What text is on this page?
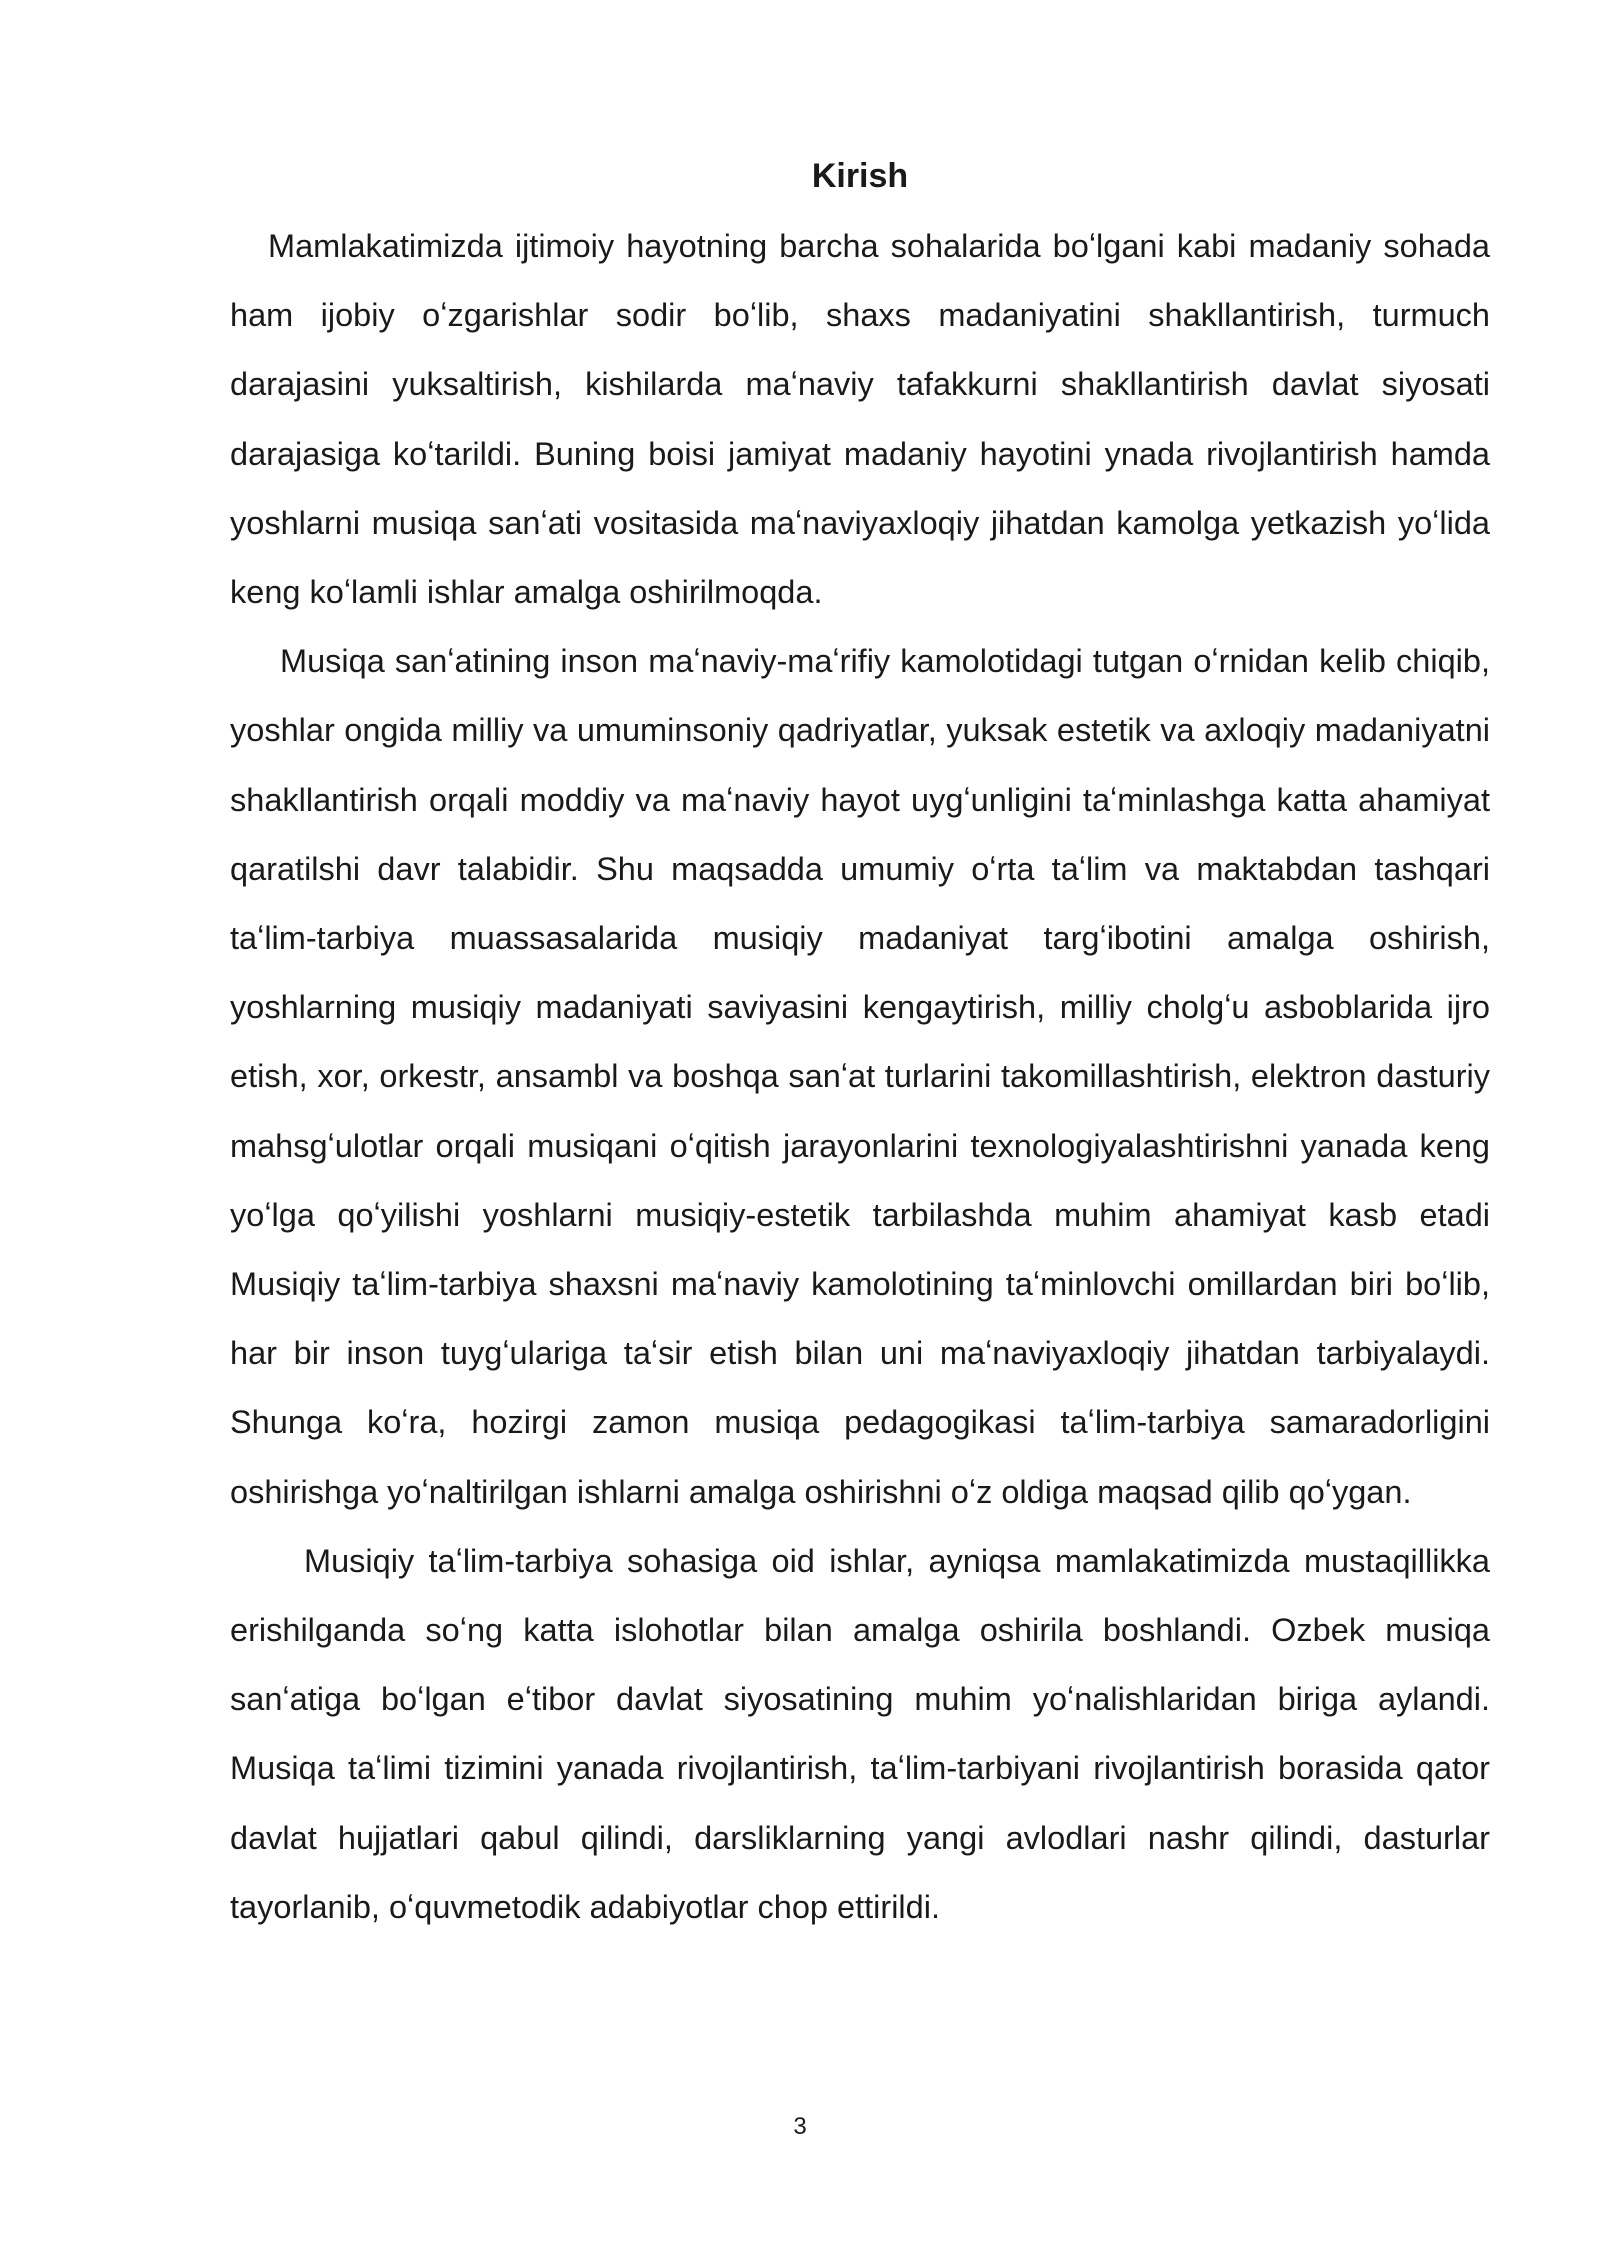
Kirish

Mamlakatimizda ijtimoiy hayotning barcha sohalarida boʻlgani kabi madaniy sohada ham ijobiy oʻzgarishlar sodir boʻlib, shaxs madaniyatini shakllantirish, turmuch darajasini yuksaltirish, kishilarda maʻnaviy tafakkurni shakllantirish davlat siyosati darajasiga koʻtarildi. Buning boisi jamiyat madaniy hayotini ynada rivojlantirish hamda yoshlarni musiqa sanʻati vositasida maʻnaviyaxloqiy jihatdan kamolga yetkazish yoʻlida keng koʻlamli ishlar amalga oshirilmoqda.

Musiqa sanʻatining inson maʻnaviy-maʻrifiy kamolotidagi tutgan oʻrnidan kelib chiqib, yoshlar ongida milliy va umuminsoniy qadriyatlar, yuksak estetik va axloqiy madaniyatni shakllantirish orqali moddiy va maʻnaviy hayot uygʻunligini taʻminlashga katta ahamiyat qaratilshi davr talabidir. Shu maqsadda umumiy oʻrta taʻlim va maktabdan tashqari taʻlim-tarbiya muassasalarida musiqiy madaniyat targʻibotini amalga oshirish, yoshlarning musiqiy madaniyati saviyasini kengaytirish, milliy cholgʻu asboblarida ijro etish, xor, orkestr, ansambl va boshqa sanʻat turlarini takomillashtirish, elektron dasturiy mahsgʻulotlar orqali musiqani oʻqitish jarayonlarini texnologiyalashtirishni yanada keng yoʻlga qoʻyilishi yoshlarni musiqiy-estetik tarbilashda muhim ahamiyat kasb etadi Musiqiy taʻlim-tarbiya shaxsni maʻnaviy kamolotining taʻminlovchi omillardan biri boʻlib, har bir inson tuygʻulariga taʻsir etish bilan uni maʻnaviyaxloqiy jihatdan tarbiyalaydi. Shunga koʻra, hozirgi zamon musiqa pedagogikasi taʻlim-tarbiya samaradorligini oshirishga yoʻnaltirilgan ishlarni amalga oshirishni oʻz oldiga maqsad qilib qoʻygan.

Musiqiy taʻlim-tarbiya sohasiga oid ishlar, ayniqsa mamlakatimizda mustaqillikka erishilganda soʻng katta islohotlar bilan amalga oshirila boshlandi. Ozbek musiqa sanʻatiga boʻlgan eʻtibor davlat siyosatining muhim yoʻnalishlaridan biriga aylandi. Musiqa taʻlimi tizimini yanada rivojlantirish, taʻlim-tarbiyani rivojlantirish borasida qator davlat hujjatlari qabul qilindi, darsliklarning yangi avlodlari nashr qilindi, dasturlar tayorlanib, oʻquvmetodik adabiyotlar chop ettirildi.

3
